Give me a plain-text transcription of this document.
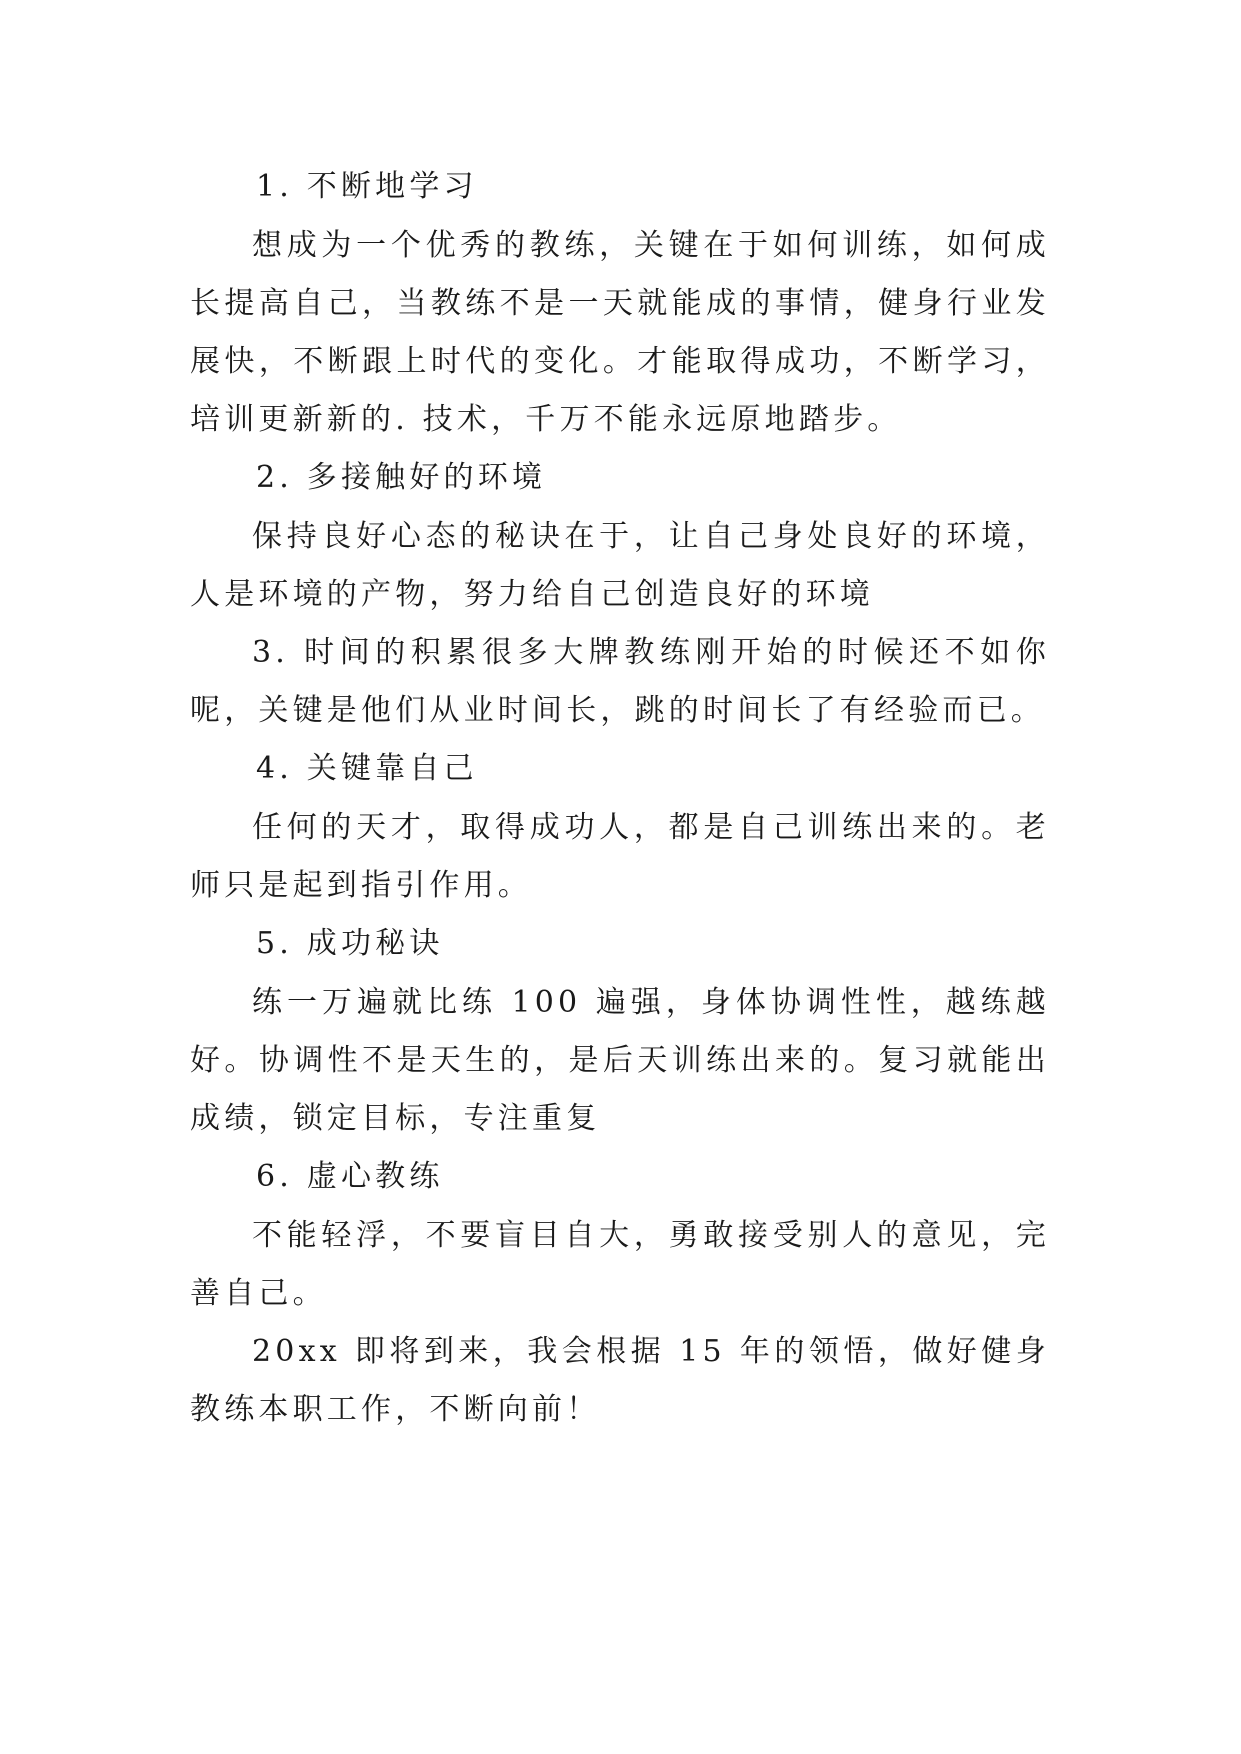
1. 不断地学习

想成为一个优秀的教练，关键在于如何训练，如何成长提高自己，当教练不是一天就能成的事情，健身行业发展快，不断跟上时代的变化。才能取得成功，不断学习，培训更新新的. 技术，千万不能永远原地踏步。

2. 多接触好的环境

保持良好心态的秘诀在于，让自己身处良好的环境，人是环境的产物，努力给自己创造良好的环境

3. 时间的积累很多大牌教练刚开始的时候还不如你呢，关键是他们从业时间长，跳的时间长了有经验而已。

4. 关键靠自己

任何的天才，取得成功人，都是自己训练出来的。老师只是起到指引作用。

5. 成功秘诀

练一万遍就比练 100 遍强，身体协调性性，越练越好。协调性不是天生的，是后天训练出来的。复习就能出成绩，锁定目标，专注重复

6. 虚心教练

不能轻浮，不要盲目自大，勇敢接受别人的意见，完善自己。

20xx 即将到来，我会根据 15 年的领悟，做好健身教练本职工作，不断向前！
